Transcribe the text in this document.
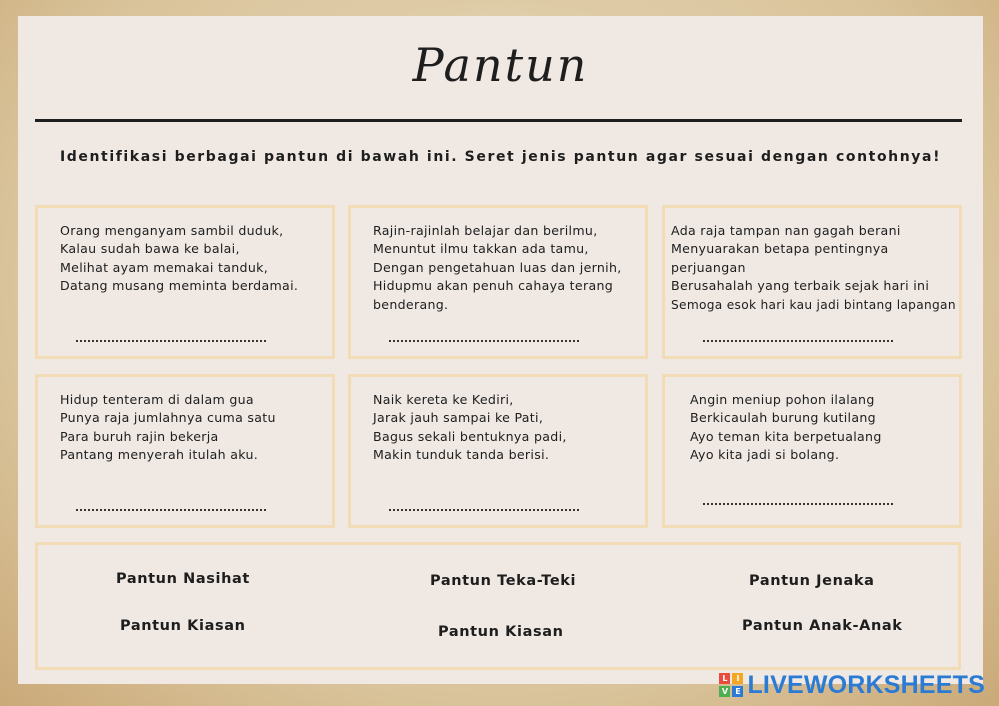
Pantun
Identifikasi berbagai pantun di bawah ini. Seret jenis pantun agar sesuai dengan contohnya!
Orang menganyam sambil duduk,
Kalau sudah bawa ke balai,
Melihat ayam memakai tanduk,
Datang musang meminta berdamai.
Rajin-rajinlah belajar dan berilmu,
Menuntut ilmu takkan ada tamu,
Dengan pengetahuan luas dan jernih,
Hidupmu akan penuh cahaya terang benderang.
Ada raja tampan nan gagah berani
Menyuarakan betapa pentingnya perjuangan
Berusahalah yang terbaik sejak hari ini
Semoga esok hari kau jadi bintang lapangan
Hidup tenteram di dalam gua
Punya raja jumlahnya cuma satu
Para buruh rajin bekerja
Pantang menyerah itulah aku.
Naik kereta ke Kediri,
Jarak jauh sampai ke Pati,
Bagus sekali bentuknya padi,
Makin tunduk tanda berisi.
Angin meniup pohon ilalang
Berkicaulah burung kutilang
Ayo teman kita berpetualang
Ayo kita jadi si bolang.
Pantun Nasihat	Pantun Teka-Teki	Pantun Jenaka
Pantun Kiasan	Pantun Kiasan	Pantun Anak-Anak
L	I
V E LIVEWORKSHEETS
